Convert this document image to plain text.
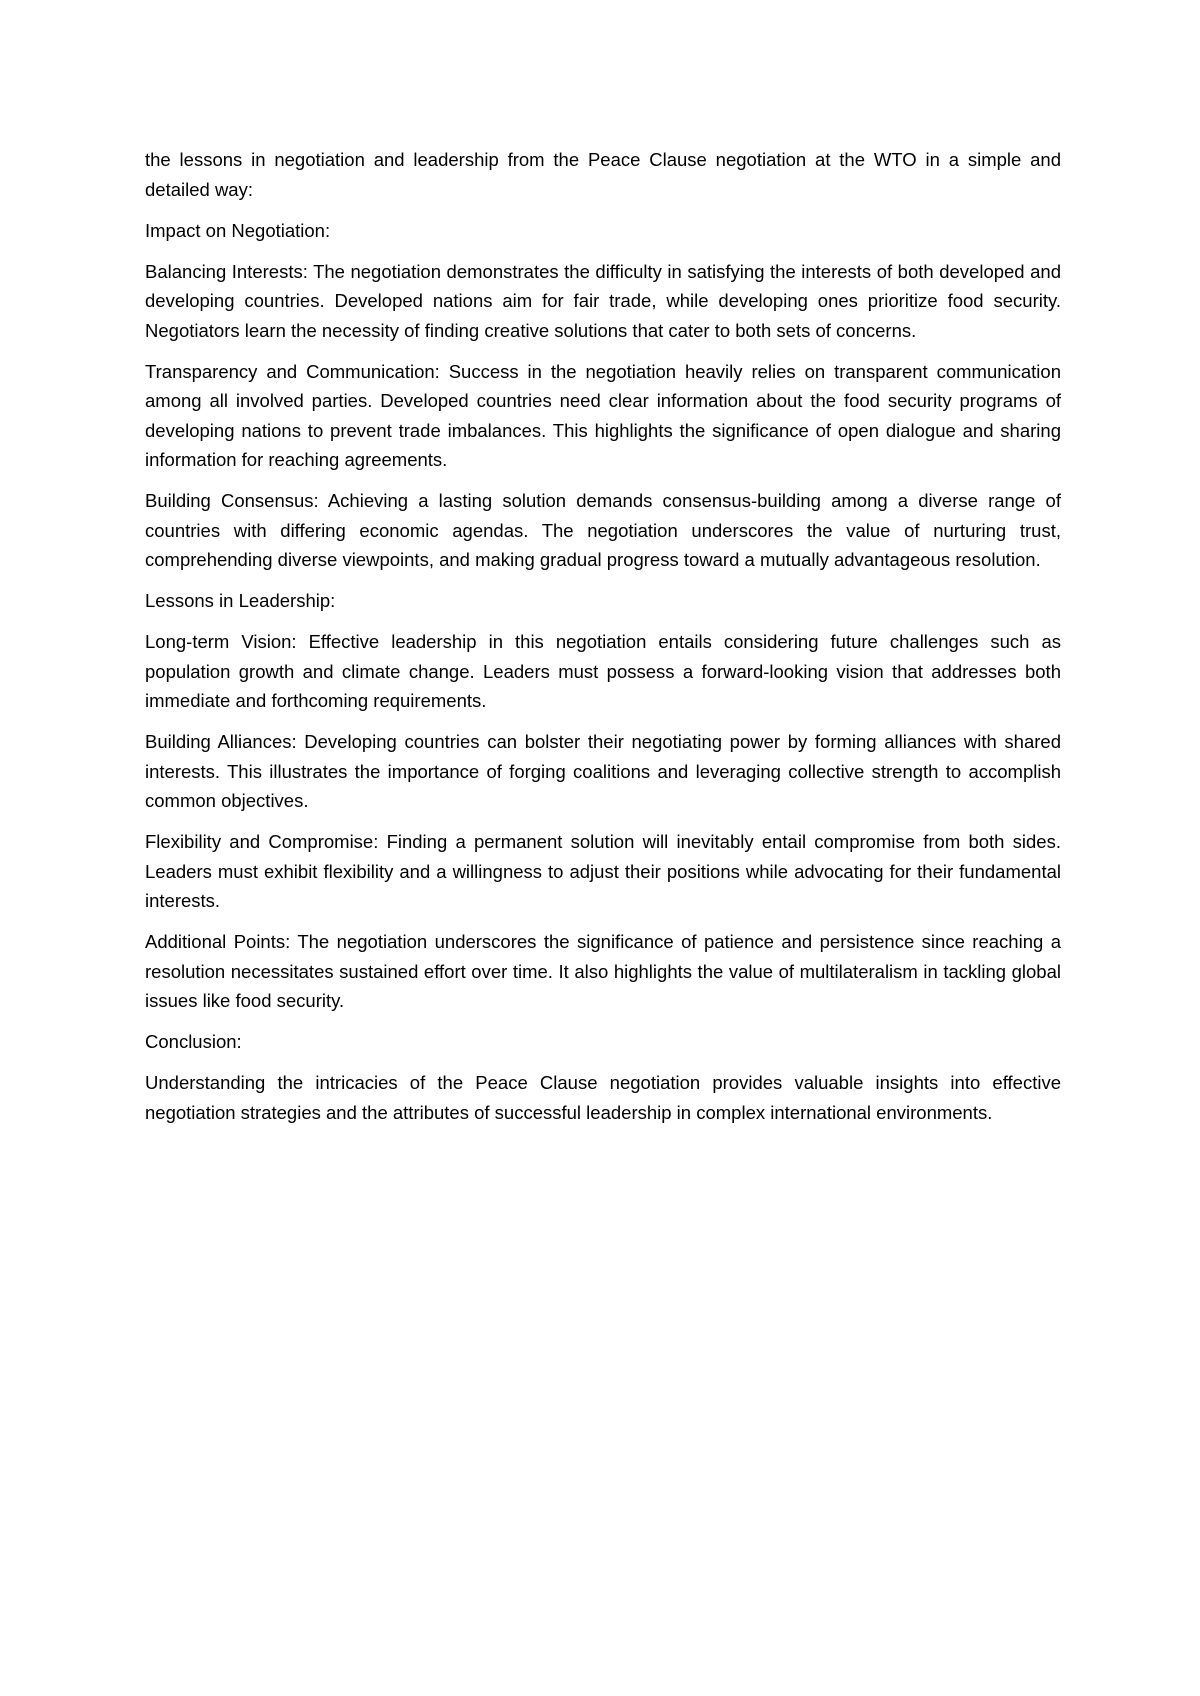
the lessons in negotiation and leadership from the Peace Clause negotiation at the WTO in a simple and detailed way:

Impact on Negotiation:

Balancing Interests: The negotiation demonstrates the difficulty in satisfying the interests of both developed and developing countries. Developed nations aim for fair trade, while developing ones prioritize food security. Negotiators learn the necessity of finding creative solutions that cater to both sets of concerns.

Transparency and Communication: Success in the negotiation heavily relies on transparent communication among all involved parties. Developed countries need clear information about the food security programs of developing nations to prevent trade imbalances. This highlights the significance of open dialogue and sharing information for reaching agreements.

Building Consensus: Achieving a lasting solution demands consensus-building among a diverse range of countries with differing economic agendas. The negotiation underscores the value of nurturing trust, comprehending diverse viewpoints, and making gradual progress toward a mutually advantageous resolution.

Lessons in Leadership:

Long-term Vision: Effective leadership in this negotiation entails considering future challenges such as population growth and climate change. Leaders must possess a forward-looking vision that addresses both immediate and forthcoming requirements.

Building Alliances: Developing countries can bolster their negotiating power by forming alliances with shared interests. This illustrates the importance of forging coalitions and leveraging collective strength to accomplish common objectives.

Flexibility and Compromise: Finding a permanent solution will inevitably entail compromise from both sides. Leaders must exhibit flexibility and a willingness to adjust their positions while advocating for their fundamental interests.

Additional Points: The negotiation underscores the significance of patience and persistence since reaching a resolution necessitates sustained effort over time. It also highlights the value of multilateralism in tackling global issues like food security.

Conclusion:

Understanding the intricacies of the Peace Clause negotiation provides valuable insights into effective negotiation strategies and the attributes of successful leadership in complex international environments.
